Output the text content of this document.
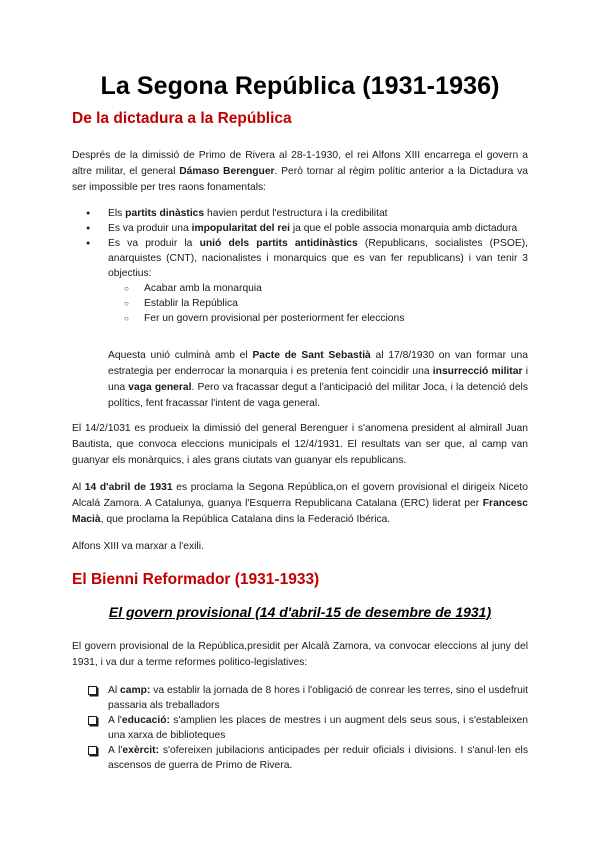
La Segona República (1931-1936)
De la dictadura a la República

Després de la dimissió de Primo de Rivera al 28-1-1930, el rei Alfons XIII encarrega el govern a altre militar, el general Dámaso Berenguer. Però tornar al règim polític anterior a la Dictadura va ser impossible per tres raons fonamentals:

● Els partits dinàstics havien perdut l'estructura i la credibilitat
● Es va produir una impopularitat del rei ja que el poble associa monarquia amb dictadura
● Es va produir la unió dels partits antidinàstics (Republicans, socialistes (PSOE), anarquistes (CNT), nacionalistes i monarquics que es van fer republicans) i van tenir 3 objectius:
○ Acabar amb la monarquia
○ Establir la República
○ Fer un govern provisional per posteriorment fer eleccions

Aquesta unió culminà amb el Pacte de Sant Sebastià al 17/8/1930 on van formar una estrategia per enderrocar la monarquia i es pretenia fent coincidir una insurrecció militar i una vaga general. Pero va fracassar degut a l'anticipació del militar Joca, i la detenció dels polítics, fent fracassar l'intent de vaga general.

El 14/2/1031 es produeix la dimissió del general Berenguer i s'anomena president al almirall Juan Bautista, que convoca eleccions municipals el 12/4/1931. El resultats van ser que, al camp van guanyar els monàrquics, i ales grans ciutats van guanyar els republicans.

Al 14 d'abril de 1931 es proclama la Segona República,on el govern provisional el dirigeix Niceto Alcalá Zamora. A Catalunya, guanya l'Esquerra Republicana Catalana (ERC) liderat per Francesc Macià, que proclama la República Catalana dins la Federació Ibérica.

Alfons XIII va marxar a l'exili.

El Bienni Reformador (1931-1933)
El govern provisional (14 d'abril-15 de desembre de 1931)

El govern provisional de la República,presidit per Alcalà Zamora, va convocar eleccions al juny del 1931, i va dur a terme reformes politico-legislatives:

Al camp: va establir la jornada de 8 hores i l'obligació de conrear les terres, sino el usdefruit passaria als treballadors
A l'educació: s'amplien les places de mestres i un augment dels seus sous, i s'estableixen una xarxa de biblioteques
A l'exèrcit: s'ofereixen jubilacions anticipades per reduir oficials i divisions. I s'anul·len els ascensos de guerra de Primo de Rivera.
